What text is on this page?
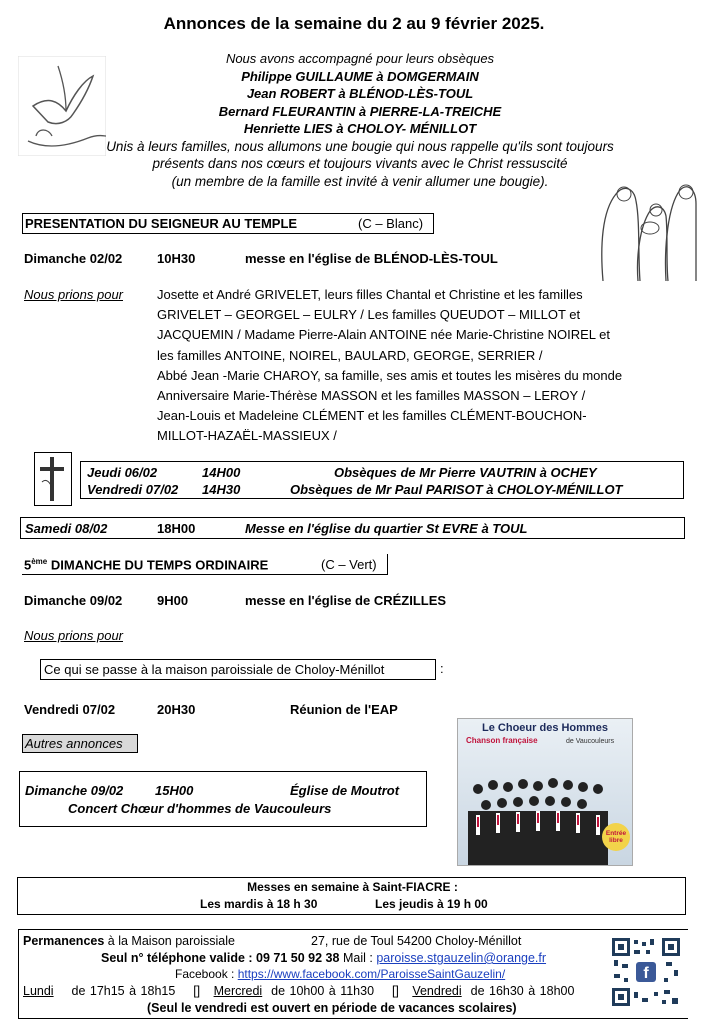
Annonces de la semaine du 2 au 9 février 2025.
Nous avons accompagné pour leurs obsèques
Philippe GUILLAUME à DOMGERMAIN
Jean ROBERT à BLÉNOD-LÈS-TOUL
Bernard FLEURANTIN à PIERRE-LA-TREICHE
Henriette LIES à CHOLOY- MÉNILLOT
Unis à leurs familles, nous allumons une bougie qui nous rappelle qu'ils sont toujours
présents dans nos cœurs et toujours vivants avec le Christ ressuscité
(un membre de la famille est invité à venir allumer une bougie).
PRESENTATION DU SEIGNEUR AU TEMPLE	(C – Blanc)
Dimanche 02/02	10H30	messe en l'église de BLÉNOD-LÈS-TOUL
Nous prions pour	Josette et André GRIVELET, leurs filles Chantal et Christine et les familles
GRIVELET – GEORGEL – EULRY / Les familles QUEUDOT – MILLOT et
JACQUEMIN / Madame Pierre-Alain ANTOINE née Marie-Christine NOIREL et
les familles ANTOINE, NOIREL, BAULARD, GEORGE, SERRIER /
Abbé Jean -Marie CHAROY, sa famille, ses amis et toutes les misères du monde
Anniversaire Marie-Thérèse MASSON et les familles MASSON – LEROY /
Jean-Louis et Madeleine CLÉMENT et les familles CLÉMENT-BOUCHON-
MILLOT-HAZAËL-MASSIEUX /
Jeudi 06/02	14H00	Obsèques de Mr Pierre VAUTRIN à OCHEY
Vendredi 07/02 14H30	Obsèques de Mr Paul PARISOT à CHOLOY-MÉNILLOT
Samedi 08/02	18H00	Messe en l'église du quartier St EVRE à TOUL
5ème DIMANCHE DU TEMPS ORDINAIRE	(C – Vert)
Dimanche 09/02	9H00	messe en l'église de CRÉZILLES
Nous prions pour
Ce qui se passe à la maison paroissiale de Choloy-Ménillot	:
Vendredi 07/02	20H30	Réunion de l'EAP
Autres annonces
Dimanche 09/02 15H00	Église de Moutrot
Concert Chœur d'hommes de Vaucouleurs
Le Choeur des Hommes
Chanson française	de Vaucouleurs
Entrée libre
Messes en semaine à Saint-FIACRE :
Les mardis à 18 h 30	Les jeudis à 19 h 00
Permanences à la Maison paroissiale	27, rue de Toul 54200 Choloy-Ménillot
Seul n° téléphone valide : 09 71 50 92 38 Mail : paroisse.stgauzelin@orange.fr
Facebook : https://www.facebook.com/ParoisseSaintGauzelin/
Lundi de 17h15 à 18h15 [] Mercredi de 10h00 à 11h30 [] Vendredi de 16h30 à 18h00
(Seul le vendredi est ouvert en période de vacances scolaires)
f
